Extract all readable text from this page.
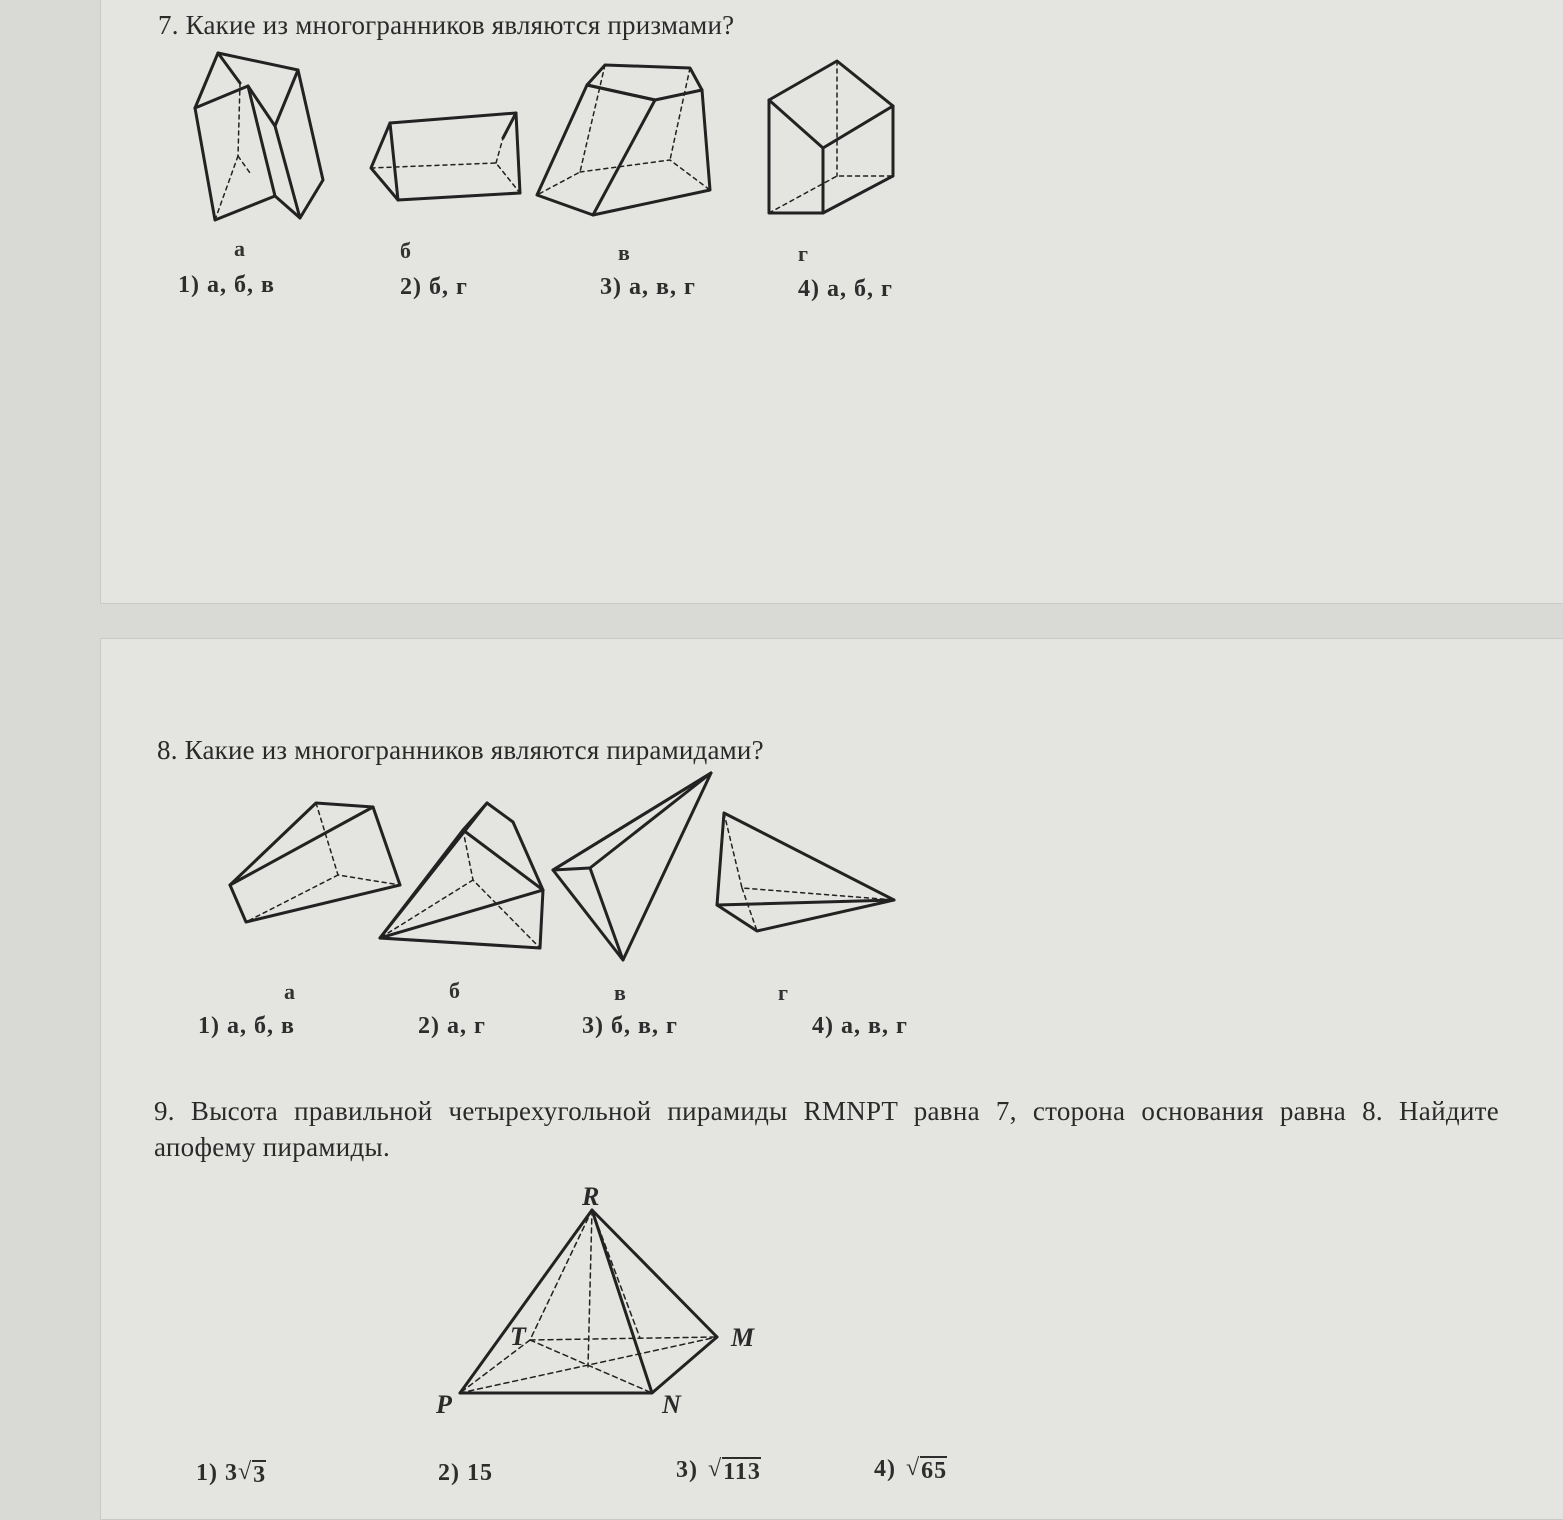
7. Какие из многогранников являются призмами?
а	б	в	г
1) а, б, в	2) б, г	3) а, в, г	4) а, б, г
8. Какие из многогранников являются пирамидами?
а	б	в	г
1) а, б, в	2) а, г	3) б, в, г	4) а, в, г
9. Высота правильной четырехугольной пирамиды RMNPT равна 7, сторона основания равна 8. Найдите апофему пирамиды.
R
T	M
P	N
1) 3 √ 3	2) 15	3) √ 113	4) √ 65
